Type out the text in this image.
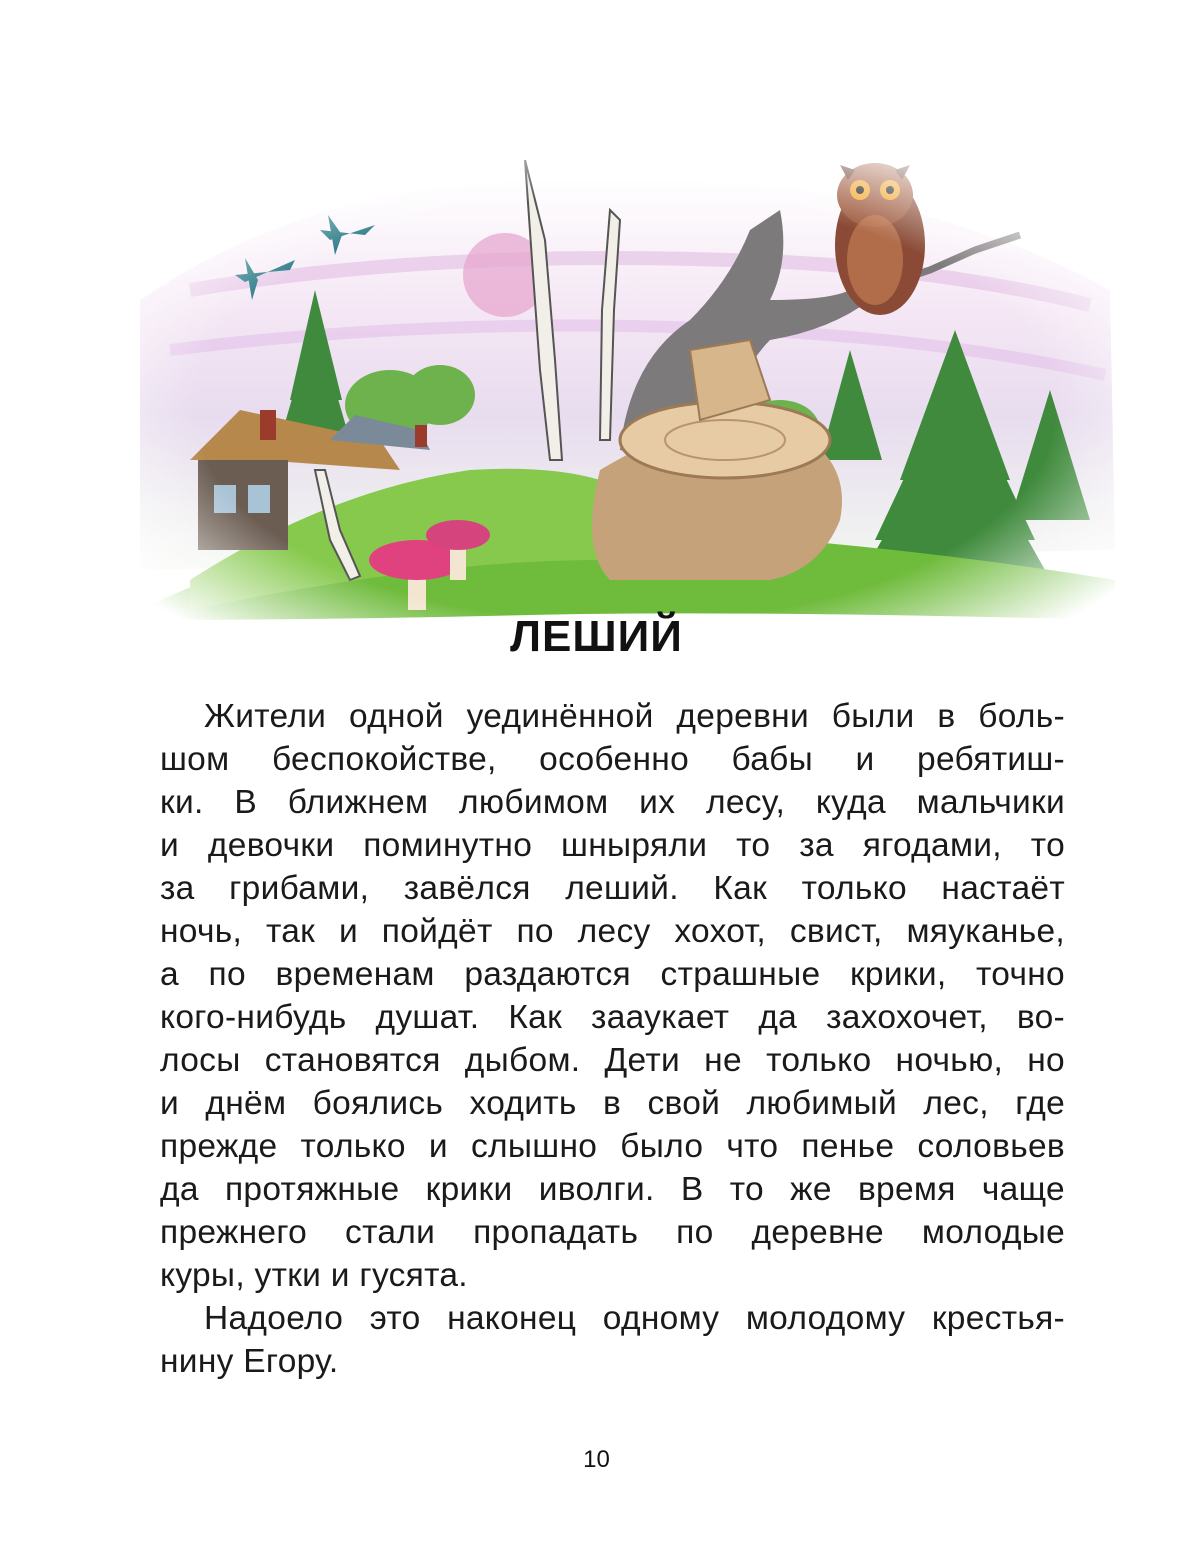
ЛЕШИЙ
Жители одной уединённой деревни были в боль-
шом беспокойстве, особенно бабы и ребятиш-
ки. В ближнем любимом их лесу, куда мальчики
и девочки поминутно шныряли то за ягодами, то
за грибами, завёлся леший. Как только настаёт
ночь, так и пойдёт по лесу хохот, свист, мяуканье,
а по временам раздаются страшные крики, точно
кого-нибудь душат. Как зааукает да захохочет, во-
лосы становятся дыбом. Дети не только ночью, но
и днём боялись ходить в свой любимый лес, где
прежде только и слышно было что пенье соловьев
да протяжные крики иволги. В то же время чаще
прежнего стали пропадать по деревне молодые
куры, утки и гусята.
Надоело это наконец одному молодому крестья-
нину Егору.
10
